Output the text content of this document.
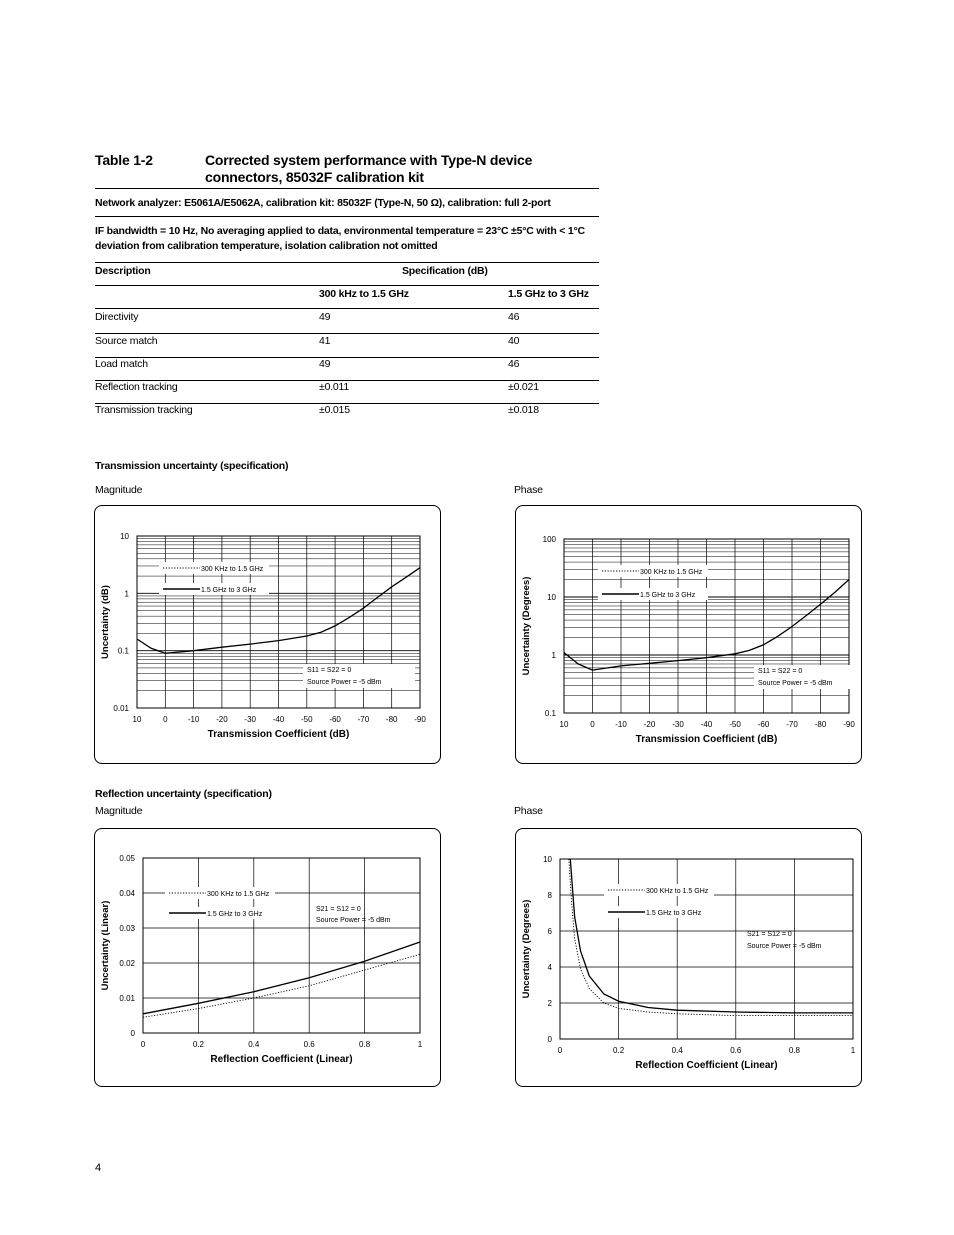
Table 1-2	Corrected system performance with Type-N device connectors, 85032F calibration kit
Network analyzer: E5061A/E5062A, calibration kit: 85032F (Type-N, 50 Ω), calibration: full 2-port
IF bandwidth = 10 Hz, No averaging applied to data, environmental temperature = 23°C ±5°C with < 1°C deviation from calibration temperature, isolation calibration not omitted
Description	Specification (dB)
300 kHz to 1.5 GHz	1.5 GHz to 3 GHz
Directivity	49	46
Source match	41	40
Load match	49	46
Reflection tracking	±0.011	±0.021
Transmission tracking	±0.015	±0.018
Transmission uncertainty (specification)
Magnitude	Phase
10	0	-10 -20 -30 -40 -50 -60 -70 -80 -90
0.01
0.1
1
10
Transmission Coefficient (dB)
Uncertainty (dB)
300 KHz to 1.5 GHz
1.5 GHz to 3 GHz
S11 = S22 = 0
Source Power = -5 dBm
10	0	-10 -20 -30 -40 -50 -60 -70 -80 -90
0.1
1
10
100
Transmission Coefficient (dB)
Uncertainty (Degrees)
300 KHz to 1.5 GHz
1.5 GHz to 3 GHz
S11 = S22 = 0
Source Power = -5 dBm
Reflection uncertainty (specification)
Magnitude	Phase
0	0.2	0.4	0.6	0.8	1
0
0.01
0.02
0.03
0.04
0.05
Reflection Coefficient (Linear)
Uncertainty (Linear)
300 KHz to 1.5 GHz
1.5 GHz to 3 GHz
S21 = S12 = 0
Source Power = -5 dBm
0	0.2	0.4	0.6	0.8	1
0
2
4
6
8
10
Reflection Coefficient (Linear)
Uncertainty (Degrees)
300 KHz to 1.5 GHz
1.5 GHz to 3 GHz
S21 = S12 = 0
Source Power = -5 dBm
4
